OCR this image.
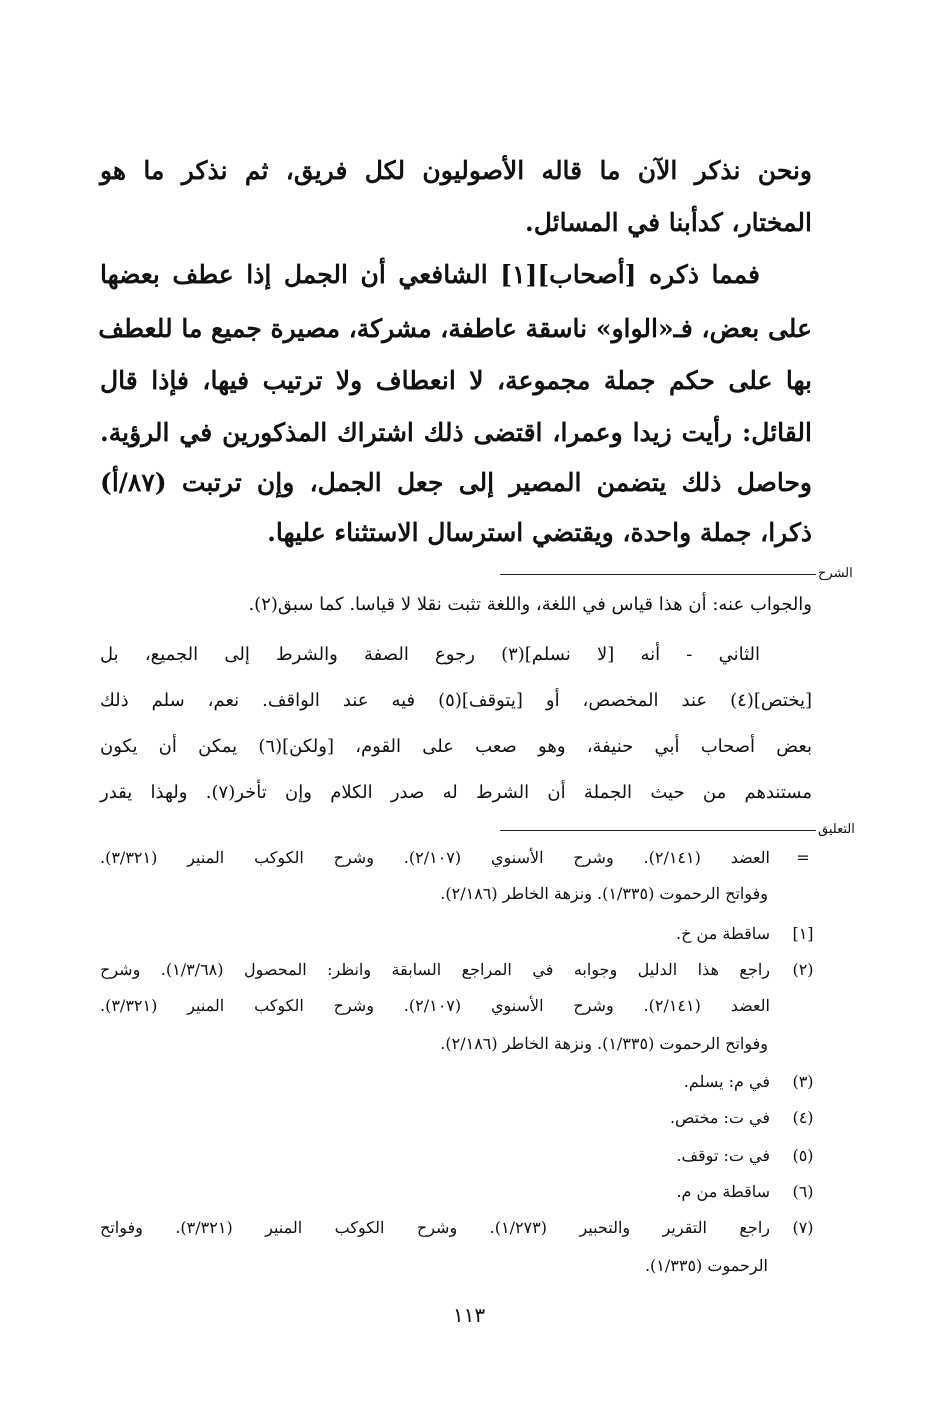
ونحن نذكر الآن ما قاله الأصوليون لكل فريق، ثم نذكر ما هو
المختار، كدأبنا في المسائل.
فمما ذكره [أصحاب][١] الشافعي أن الجمل إذا عطف بعضها
على بعض، فـ«الواو» ناسقة عاطفة، مشركة، مصيرة جميع ما للعطف
بها على حكم جملة مجموعة، لا انعطاف ولا ترتيب فيها، فإذا قال
القائل: رأيت زيدا وعمرا، اقتضى ذلك اشتراك المذكورين في الرؤية.
وحاصل ذلك يتضمن المصير إلى جعل الجمل، وإن ترتبت (٨٧/أ)
ذكرا، جملة واحدة، ويقتضي استرسال الاستثناء عليها.
الشرح
والجواب عنه: أن هذا قياس في اللغة، واللغة تثبت نقلا لا قياسا. كما سبق(٢).
الثاني - أنه [لا نسلم](٣) رجوع الصفة والشرط إلى الجميع، بل
[يختص](٤) عند المخصص، أو [يتوقف](٥) فيه عند الواقف. نعم، سلم ذلك
بعض أصحاب أبي حنيفة، وهو صعب على القوم، [ولكن](٦) يمكن أن يكون
مستندهم من حيث الجملة أن الشرط له صدر الكلام وإن تأخر(٧). ولهذا يقدر
التعليق
=
العضد (٢/١٤١). وشرح الأسنوي (٢/١٠٧). وشرح الكوكب المنير (٣/٣٢١).
وفواتح الرحموت (١/٣٣٥). ونزهة الخاطر (٢/١٨٦).
[١]
ساقطة من خ.
(٢)
راجع هذا الدليل وجوابه في المراجع السابقة وانظر: المحصول (١/٣/٦٨). وشرح
العضد (٢/١٤١). وشرح الأسنوي (٢/١٠٧). وشرح الكوكب المنير (٣/٣٢١).
وفواتح الرحموت (١/٣٣٥). ونزهة الخاطر (٢/١٨٦).
(٣)
في م: يسلم.
(٤)
في ت: مختص.
(٥)
في ت: توقف.
(٦)
ساقطة من م.
(٧)
راجع التقرير والتحبير (١/٢٧٣). وشرح الكوكب المنير (٣/٣٢١). وفواتح
الرحموت (١/٣٣٥).
١١٣
